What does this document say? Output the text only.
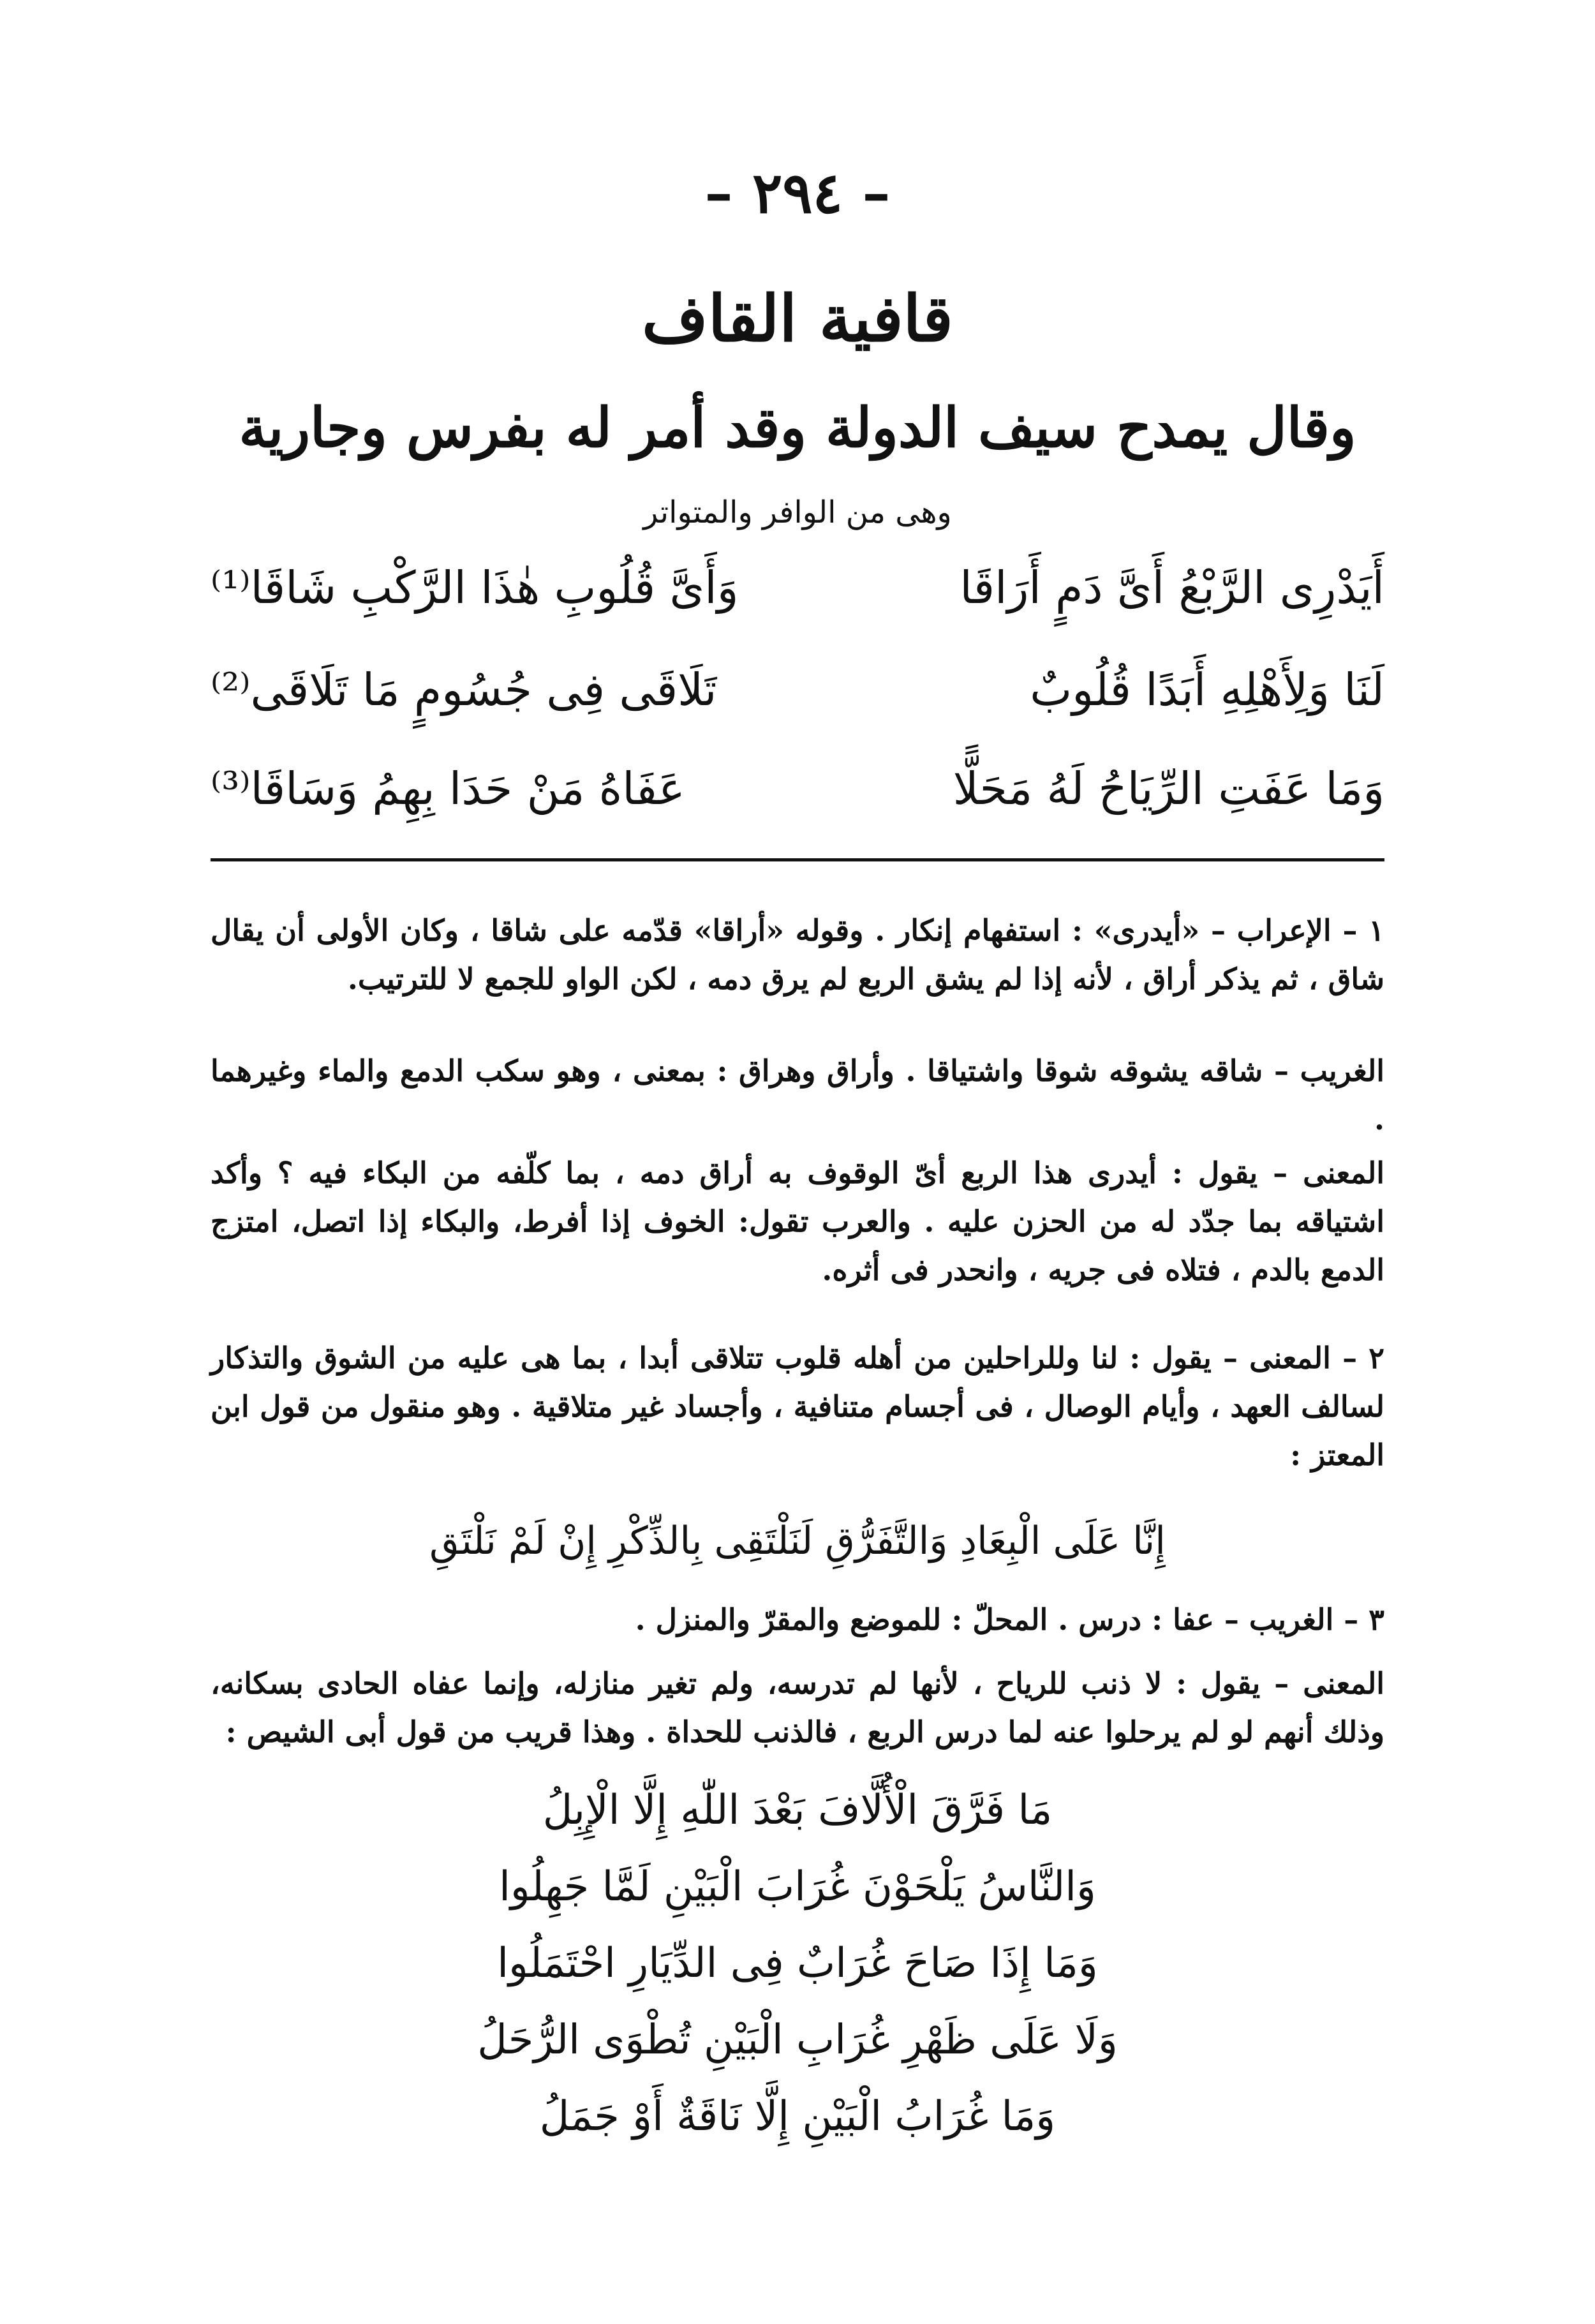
– ٢٩٤ –
قافية القاف
وقال يمدح سيف الدولة وقد أمر له بفرس وجارية
وهى من الوافر والمتواتر
أَيَدْرِى الرَّبْعُ أَىَّ دَمٍ أَرَاقَا
وَأَىَّ قُلُوبِ هٰذَا الرَّكْبِ شَاقَا⁽¹⁾
لَنَا وَلِأَهْلِهِ أَبَدًا قُلُوبٌ
تَلَاقَى فِى جُسُومٍ مَا تَلَاقَى⁽²⁾
وَمَا عَفَتِ الرِّيَاحُ لَهُ مَحَلًّا
عَفَاهُ مَنْ حَدَا بِهِمُ وَسَاقَا⁽³⁾
١ – الإعراب – «أيدرى» : استفهام إنكار . وقوله «أراقا» قدّمه على شاقا ، وكان الأولى أن يقال شاق ، ثم يذكر أراق ، لأنه إذا لم يشق الربع لم يرق دمه ، لكن الواو للجمع لا للترتيب.
الغريب – شاقه يشوقه شوقا واشتياقا . وأراق وهراق : بمعنى ، وهو سكب الدمع والماء وغيرهما .
المعنى – يقول : أيدرى هذا الربع أىّ الوقوف به أراق دمه ، بما كلّفه من البكاء فيه ؟ وأكد اشتياقه بما جدّد له من الحزن عليه . والعرب تقول: الخوف إذا أفرط، والبكاء إذا اتصل، امتزج الدمع بالدم ، فتلاه فى جريه ، وانحدر فى أثره.
٢ – المعنى – يقول : لنا وللراحلين من أهله قلوب تتلاقى أبدا ، بما هى عليه من الشوق والتذكار لسالف العهد ، وأيام الوصال ، فى أجسام متنافية ، وأجساد غير متلاقية . وهو منقول من قول ابن المعتز :
إِنَّا عَلَى الْبِعَادِ وَالتَّفَرُّقِ لَنَلْتَقِى بِالذِّكْرِ إِنْ لَمْ نَلْتَقِ
٣ – الغريب – عفا : درس . المحلّ : للموضع والمقرّ والمنزل .
المعنى – يقول : لا ذنب للرياح ، لأنها لم تدرسه، ولم تغير منازله، وإنما عفاه الحادى بسكانه، وذلك أنهم لو لم يرحلوا عنه لما درس الربع ، فالذنب للحداة . وهذا قريب من قول أبى الشيص :
مَا فَرَّقَ الْأُلَّافَ بَعْدَ اللّٰهِ إِلَّا الْإِبِلُ
وَالنَّاسُ يَلْحَوْنَ غُرَابَ الْبَيْنِ لَمَّا جَهِلُوا
وَمَا إِذَا صَاحَ غُرَابٌ فِى الدِّيَارِ احْتَمَلُوا
وَلَا عَلَى ظَهْرِ غُرَابِ الْبَيْنِ تُطْوَى الرُّحَلُ
وَمَا غُرَابُ الْبَيْنِ إِلَّا نَاقَةٌ أَوْ جَمَلُ
